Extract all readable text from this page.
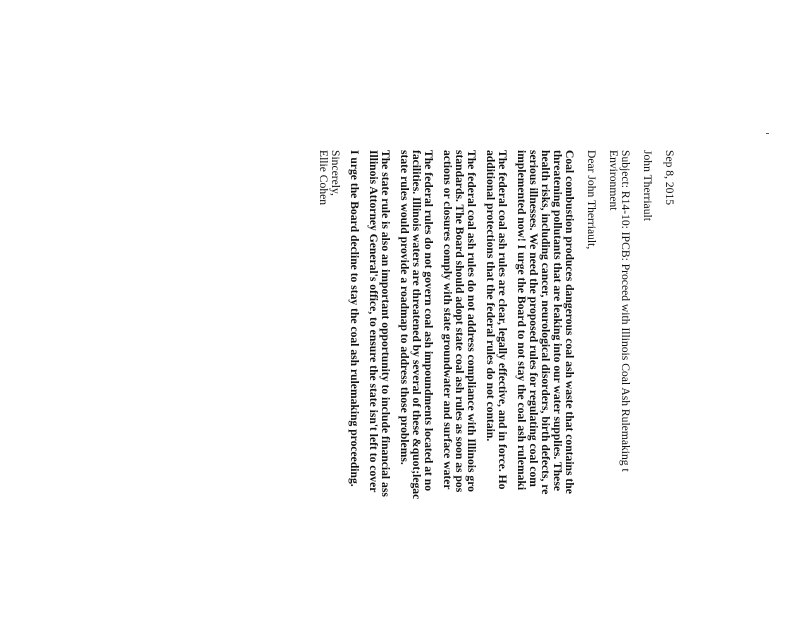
Sep 8, 2015
John Therriault
Subject: R14-10: IPCB: Proceed with Illinois Coal Ash Rulemaking t
Environment
Dear John Therriault,
Coal combustion produces dangerous coal ash waste that contains the
threatening pollutants that are leaking into our water supplies. These
health risks, including cancer, neurological disorders, birth defects, re
serious illnesses. We need the proposed rules for regulating coal com
implemented now! I urge the Board to not stay the coal ash rulemaki
The federal coal ash rules are clear, legally effective, and in force. Ho
additional protections that the federal rules do not contain.
The federal coal ash rules do not address compliance with Illinois gro
standards. The Board should adopt state coal ash rules as soon as pos
actions or closures comply with state groundwater and surface water
The federal rules do not govern coal ash impoundments located at no
facilities. Illinois waters are threatened by several of these &quot;legac
state rules would provide a roadmap to address those problems.
The state rule is also an important opportunity to include financial ass
Illinois Attorney General's office, to ensure the state isn't left to cover
I urge the Board decline to stay the coal ash rulemaking proceeding.
Sincerely,
Ellie Cohen
